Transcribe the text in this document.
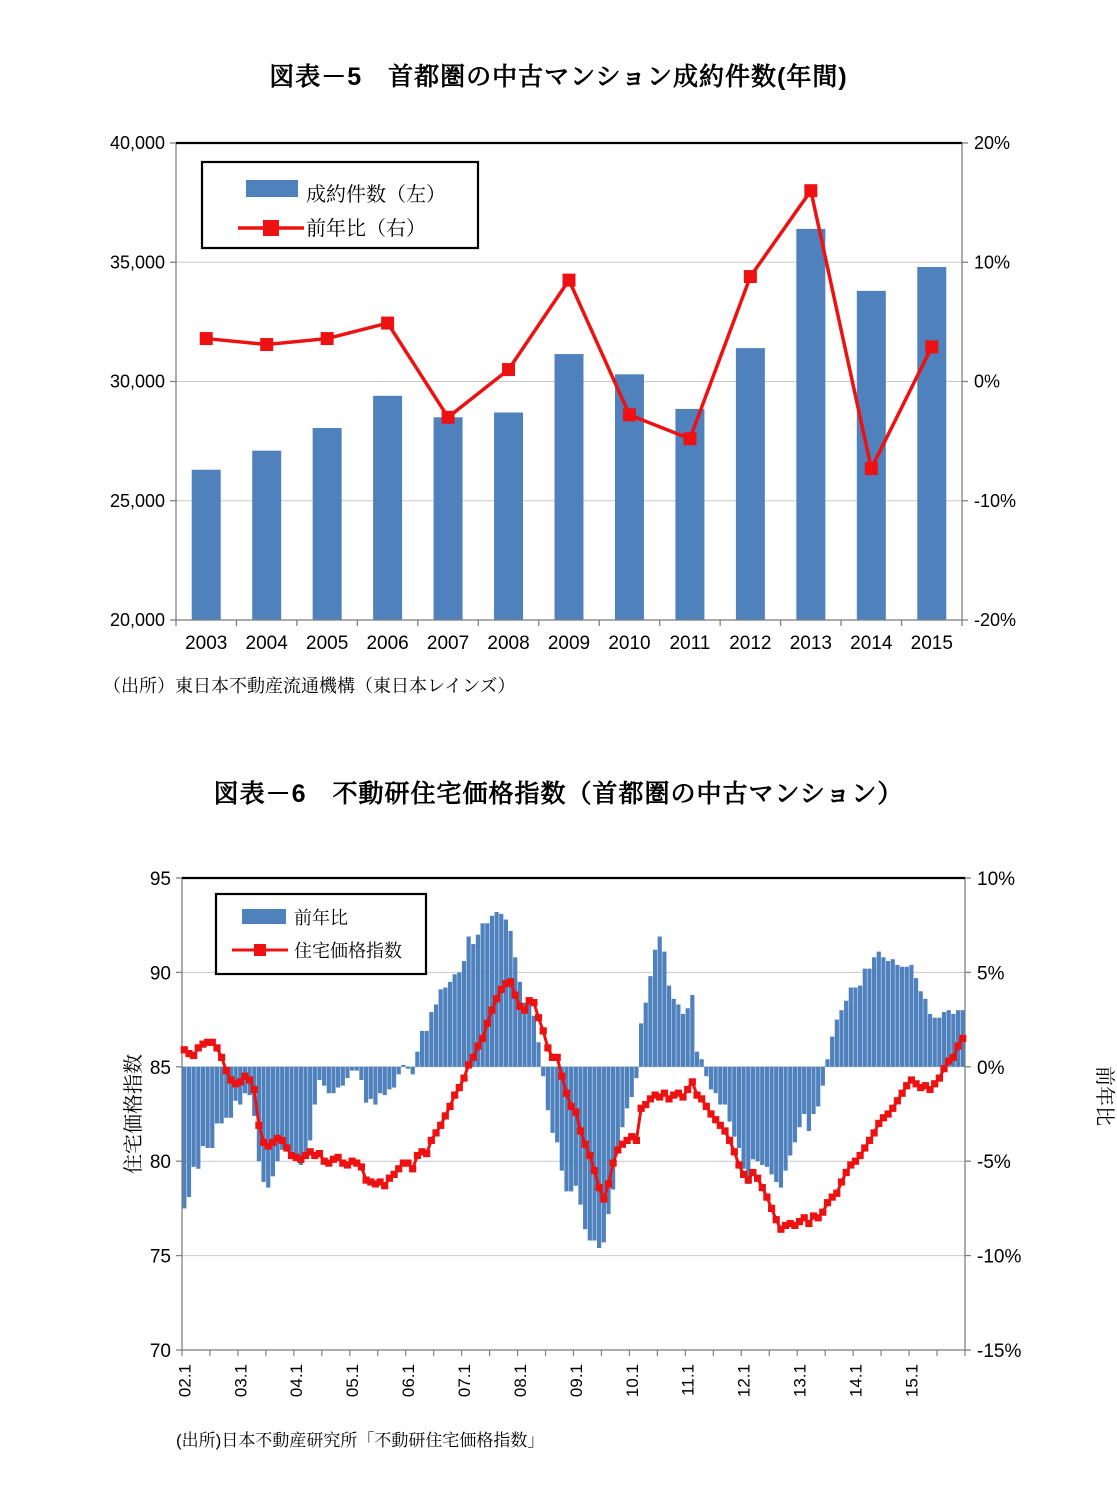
図表－5　首都圏の中古マンション成約件数(年間)
40,000
35,000
30,000
25,000
20,000
20%
10%
0%
-10%
-20%
2003 2004 2005 2006 2007 2008 2009 2010 2011 2012 2013 2014 2015
成約件数（左）
前年比（右）
95
90
85
80
75
70
10%
5%
0%
-5%
-10%
-15%
02.1 03.1 04.1 05.1 06.1 07.1 08.1 09.1 10.1 11.1 12.1 13.1 14.1 15.1
住宅価格指数	前年比
前年比
住宅価格指数
（出所）東日本不動産流通機構（東日本レインズ）
図表－6　不動研住宅価格指数（首都圏の中古マンション）
(出所)日本不動産研究所「不動研住宅価格指数」
